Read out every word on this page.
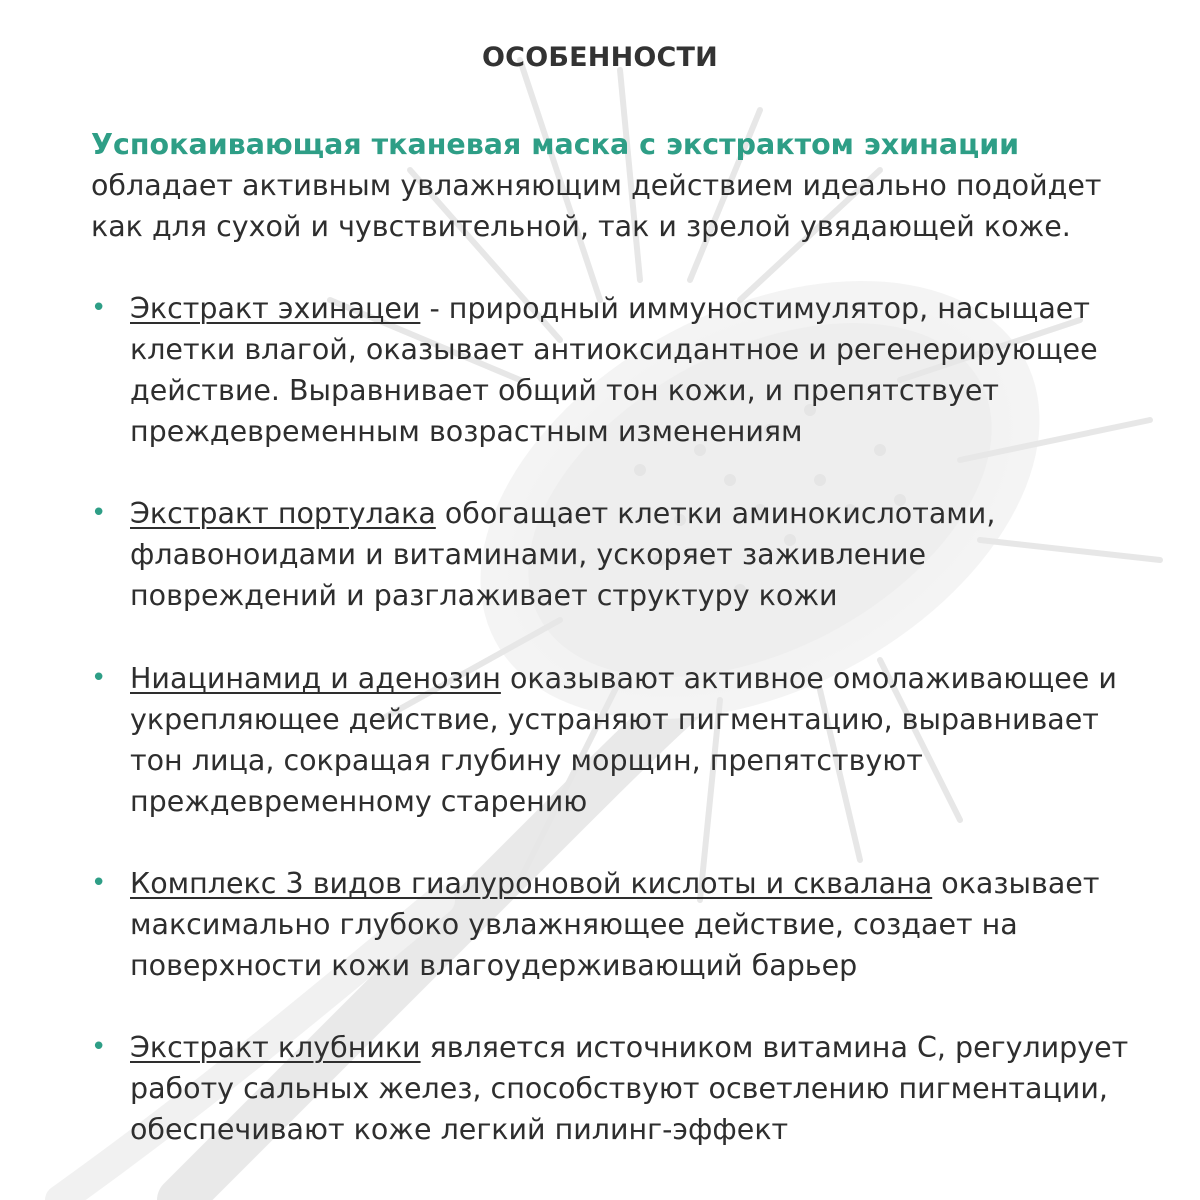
ОСОБЕННОСТИ

Успокаивающая тканевая маска с экстрактом эхинации обладает активным увлажняющим действием идеально подойдет как для сухой и чувствительной, так и зрелой увядающей коже.

• Экстракт эхинацеи - природный иммуностимулятор, насыщает клетки влагой, оказывает антиоксидантное и регенерирующее действие. Выравнивает общий тон кожи, и препятствует преждевременным возрастным изменениям
• Экстракт портулака обогащает клетки аминокислотами, флавоноидами и витаминами, ускоряет заживление повреждений и разглаживает структуру кожи
• Ниацинамид и аденозин оказывают активное омолаживающее и укрепляющее действие, устраняют пигментацию, выравнивает тон лица, сокращая глубину морщин, препятствуют преждевременному старению
• Комплекс 3 видов гиалуроновой кислоты и сквалана оказывает максимально глубоко увлажняющее действие, создает на поверхности кожи влагоудерживающий барьер
• Экстракт клубники является источником витамина С, регулирует работу сальных желез, способствуют осветлению пигментации, обеспечивают коже легкий пилинг-эффект
